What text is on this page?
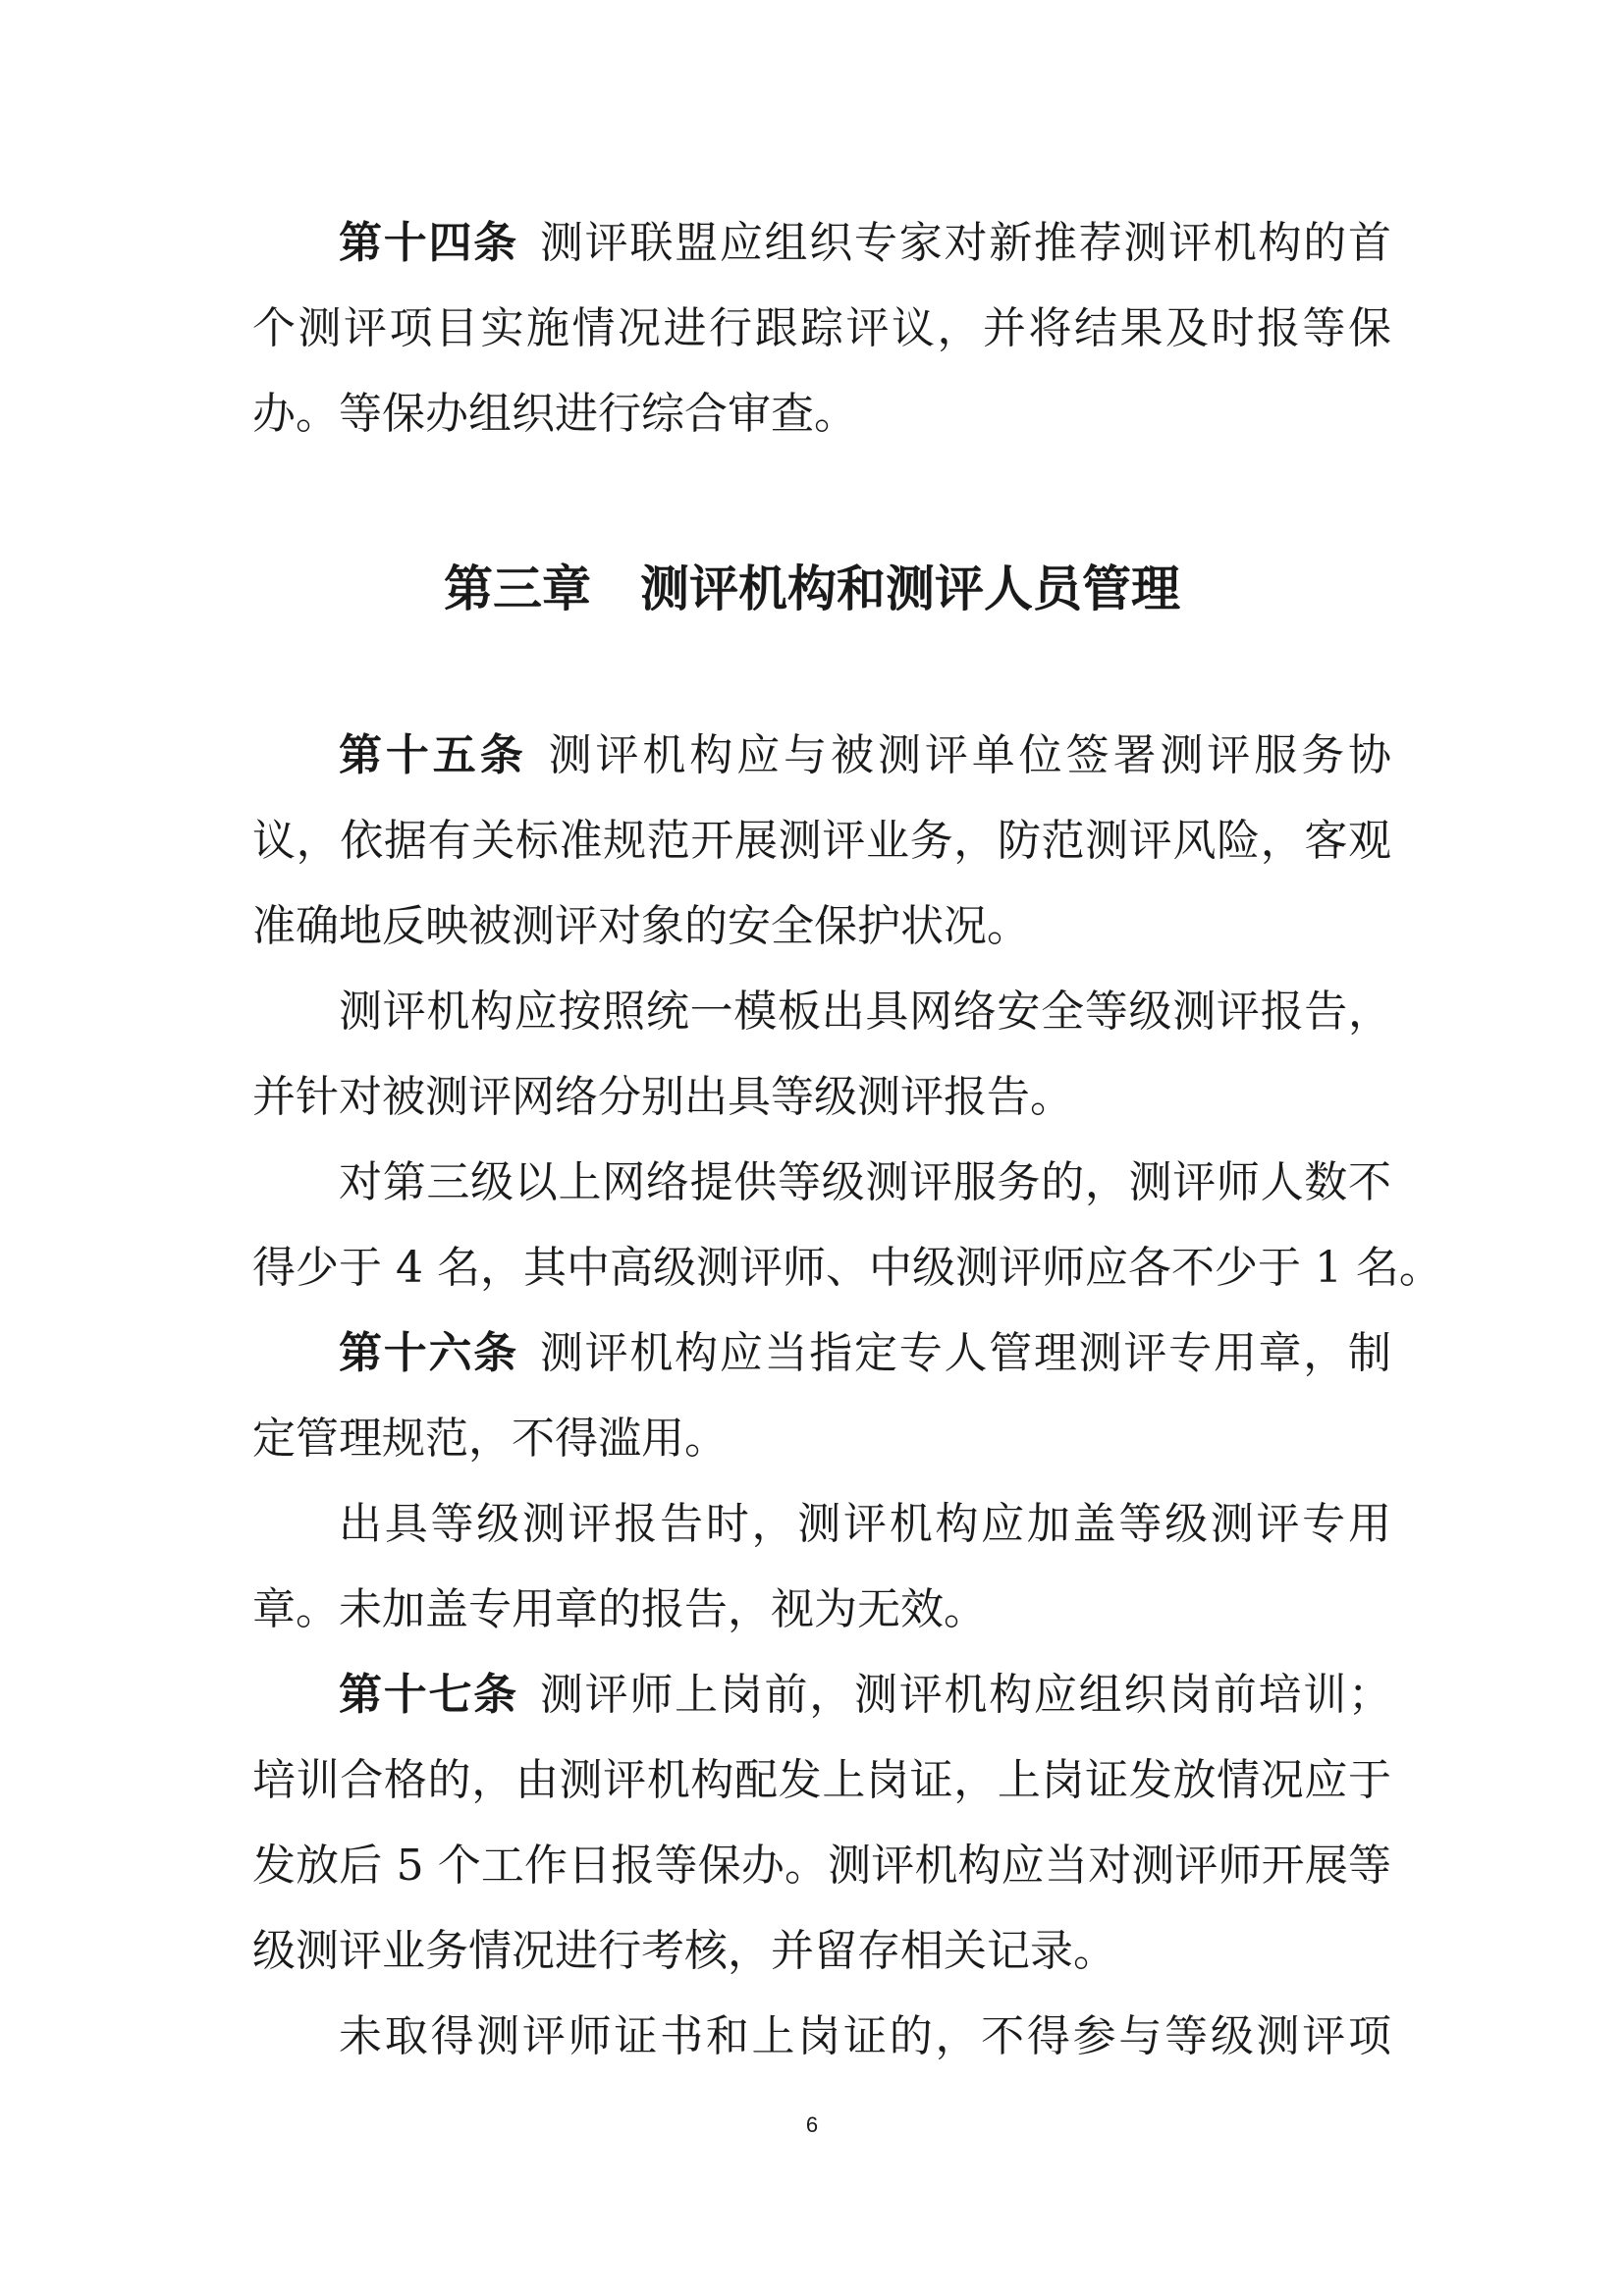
第十四条 测评联盟应组织专家对新推荐测评机构的首
个测评项目实施情况进行跟踪评议，并将结果及时报等保
办。等保办组织进行综合审查。
第三章　测评机构和测评人员管理
第十五条 测评机构应与被测评单位签署测评服务协
议，依据有关标准规范开展测评业务，防范测评风险，客观
准确地反映被测评对象的安全保护状况。
测评机构应按照统一模板出具网络安全等级测评报告，
并针对被测评网络分别出具等级测评报告。
对第三级以上网络提供等级测评服务的，测评师人数不
得少于 4 名，其中高级测评师、中级测评师应各不少于 1 名。
第十六条 测评机构应当指定专人管理测评专用章，制
定管理规范，不得滥用。
出具等级测评报告时，测评机构应加盖等级测评专用
章。未加盖专用章的报告，视为无效。
第十七条 测评师上岗前，测评机构应组织岗前培训；
培训合格的，由测评机构配发上岗证，上岗证发放情况应于
发放后 5 个工作日报等保办。测评机构应当对测评师开展等
级测评业务情况进行考核，并留存相关记录。
未取得测评师证书和上岗证的，不得参与等级测评项
6
